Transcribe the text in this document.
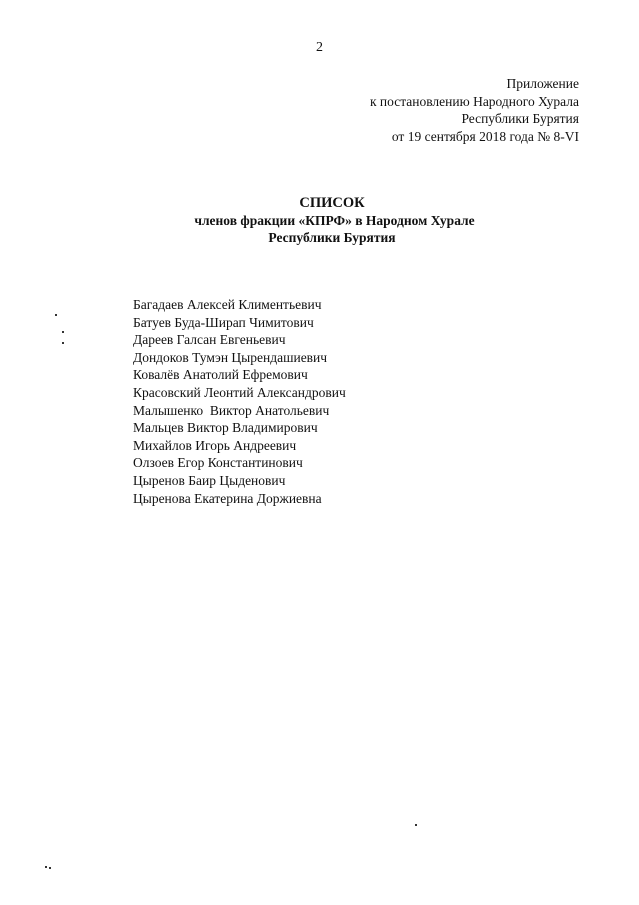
2
Приложение
к постановлению Народного Хурала
Республики Бурятия
от 19 сентября 2018 года № 8-VI
СПИСОК
членов фракции «КПРФ» в Народном Хурале
Республики Бурятия
Багадаев Алексей Климентьевич
Батуев Буда-Ширап Чимитович
Дареев Галсан Евгеньевич
Дондоков Тумэн Цырендашиевич
Ковалёв Анатолий Ефремович
Красовский Леонтий Александрович
Малышенко  Виктор Анатольевич
Мальцев Виктор Владимирович
Михайлов Игорь Андреевич
Олзоев Егор Константинович
Цыренов Баир Цыденович
Цыренова Екатерина Доржиевна
